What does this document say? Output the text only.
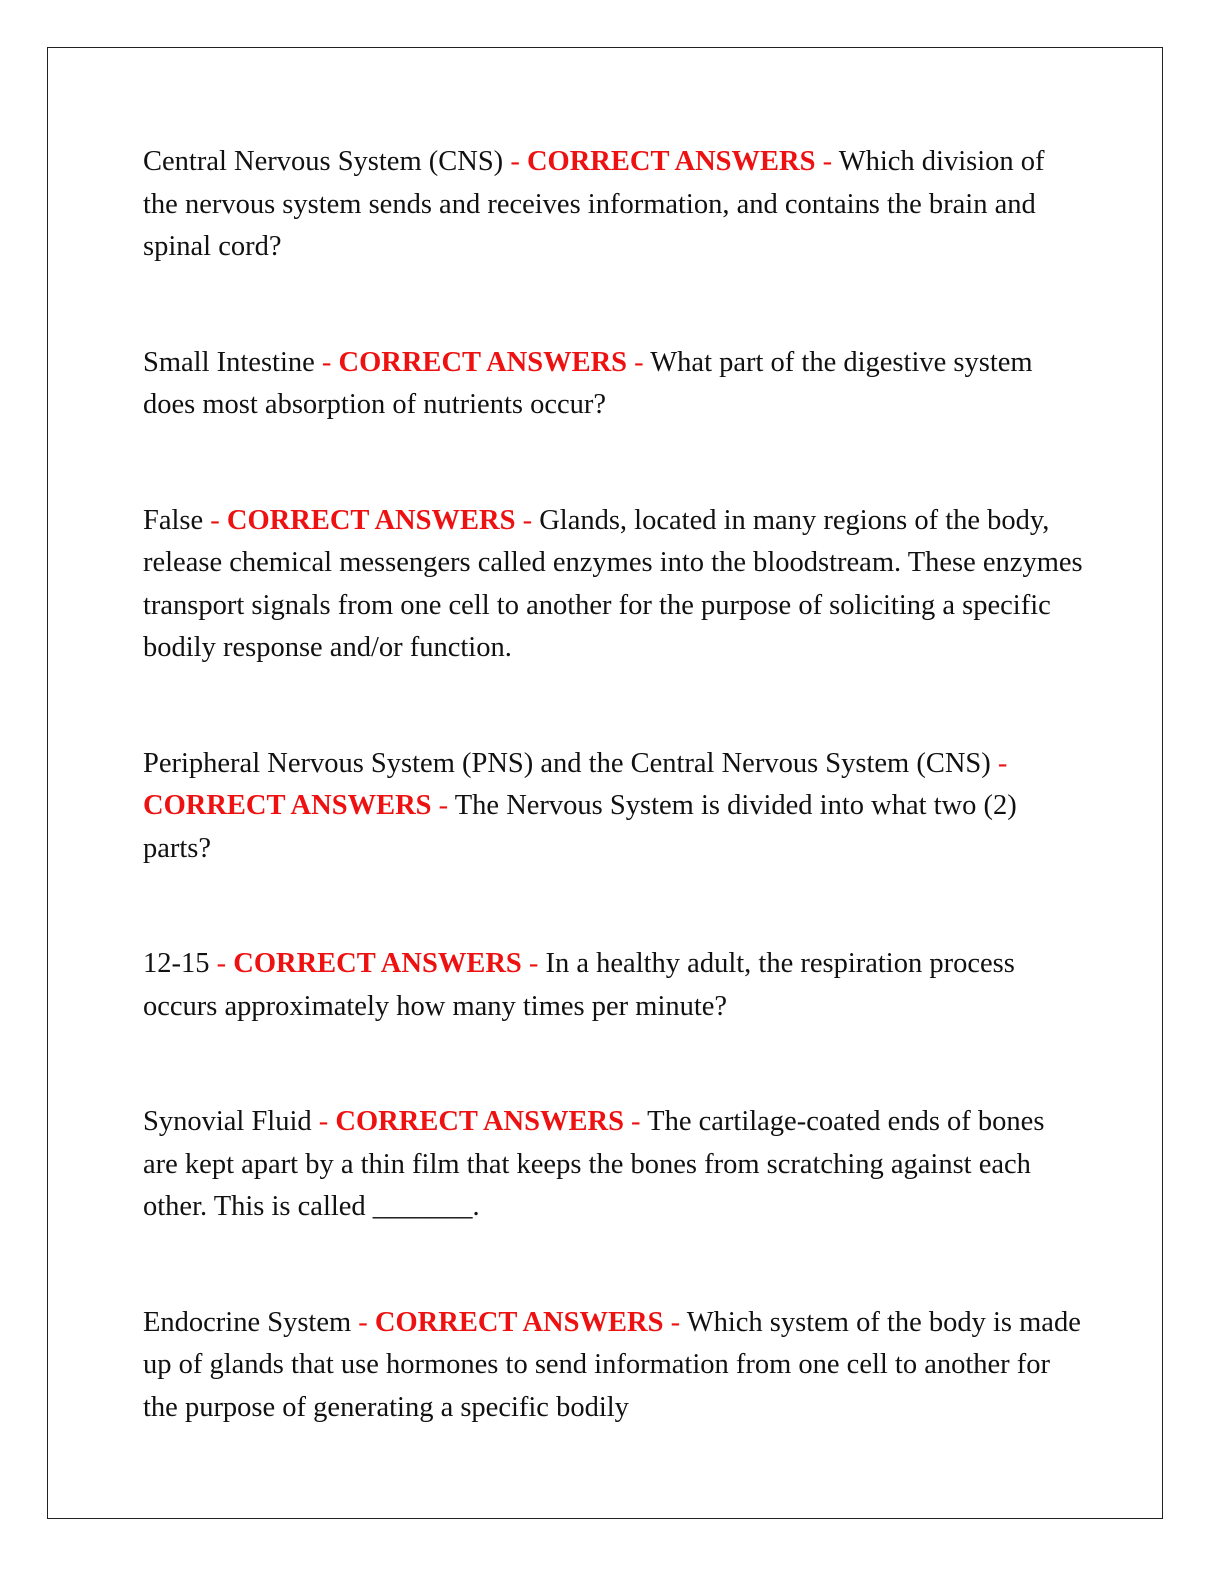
Central Nervous System (CNS) - CORRECT ANSWERS - Which division of the nervous system sends and receives information, and contains the brain and spinal cord?

Small Intestine - CORRECT ANSWERS - What part of the digestive system does most absorption of nutrients occur?

False - CORRECT ANSWERS - Glands, located in many regions of the body, release chemical messengers called enzymes into the bloodstream. These enzymes transport signals from one cell to another for the purpose of soliciting a specific bodily response and/or function.

Peripheral Nervous System (PNS) and the Central Nervous System (CNS) - CORRECT ANSWERS - The Nervous System is divided into what two (2) parts?

12-15 - CORRECT ANSWERS - In a healthy adult, the respiration process occurs approximately how many times per minute?

Synovial Fluid - CORRECT ANSWERS - The cartilage-coated ends of bones are kept apart by a thin film that keeps the bones from scratching against each other. This is called _______.

Endocrine System - CORRECT ANSWERS - Which system of the body is made up of glands that use hormones to send information from one cell to another for the purpose of generating a specific bodily
